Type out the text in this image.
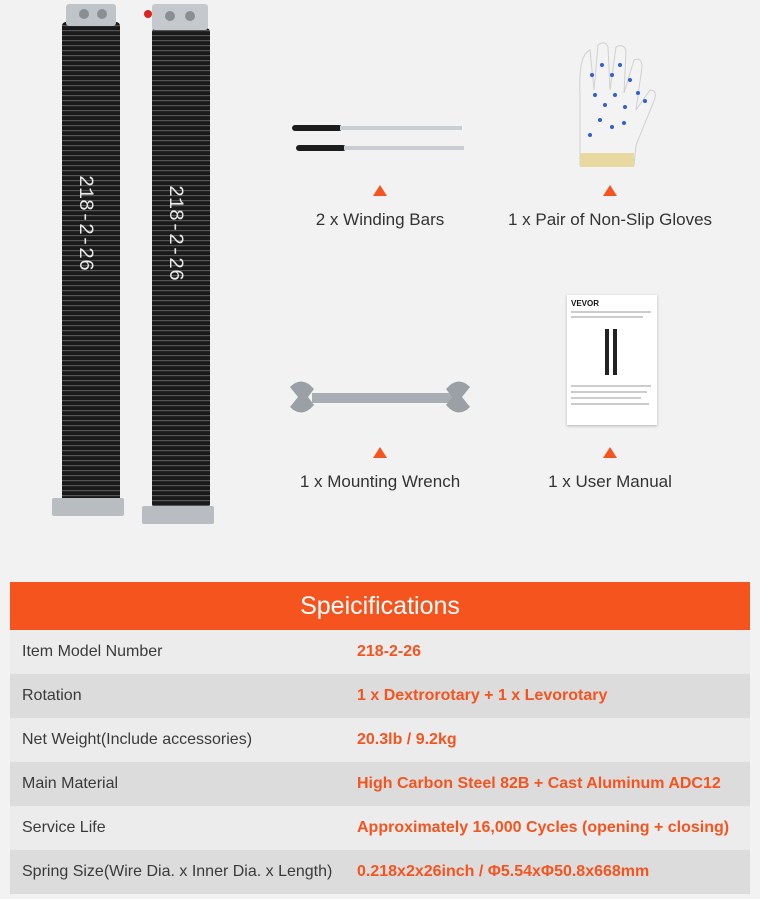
218-2-26	218-2-26	2 x Winding Bars	1 x Pair of Non-Slip Gloves
1 x Mounting Wrench
VEVOR
1 x User Manual
Speicifications
Item Model Number	218-2-26
Rotation	1 x Dextrorotary + 1 x Levorotary
Net Weight(Include accessories)	20.3lb / 9.2kg
Main Material	High Carbon Steel 82B + Cast Aluminum ADC12
Service Life	Approximately 16,000 Cycles (opening + closing)
Spring Size(Wire Dia. x Inner Dia. x Length)	0.218x2x26inch / Φ5.54xΦ50.8x668mm
